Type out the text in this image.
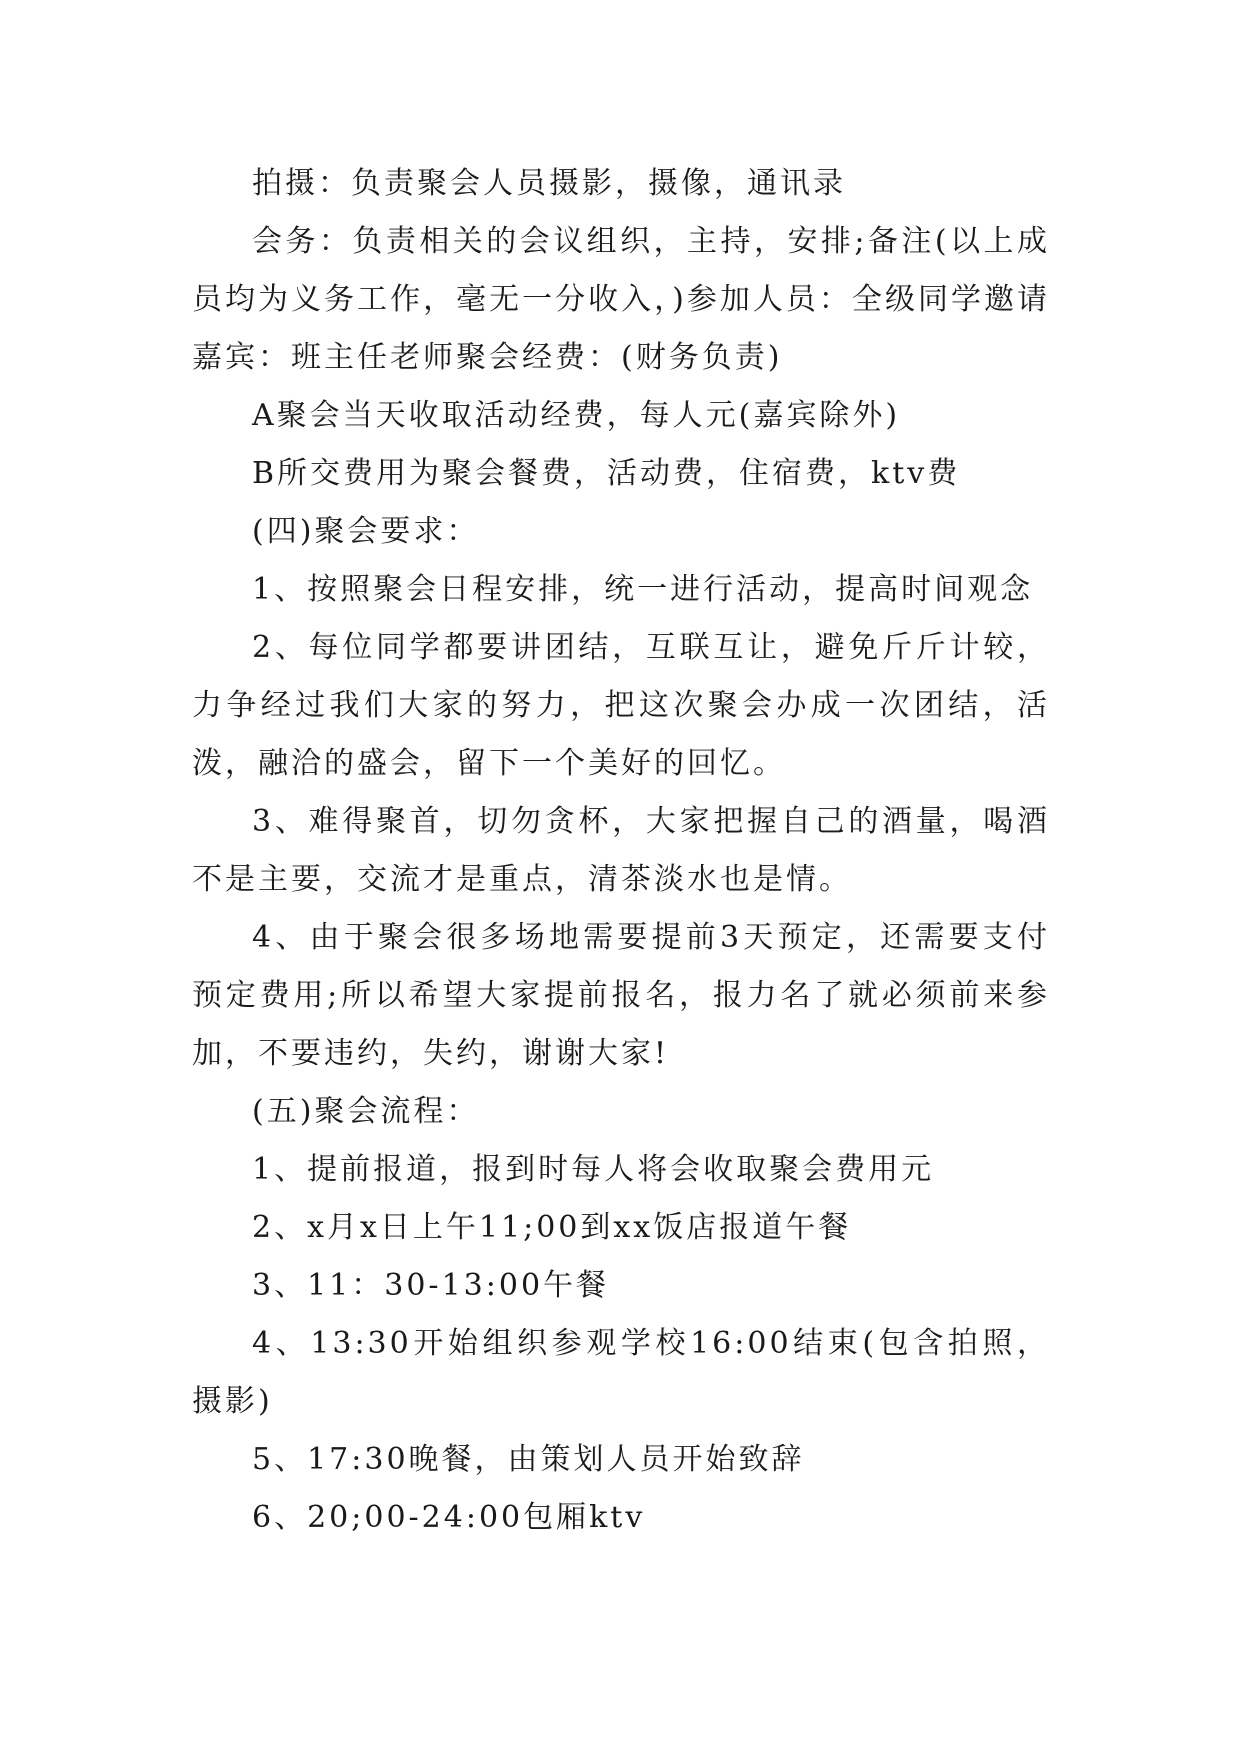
拍摄：负责聚会人员摄影，摄像，通讯录

会务：负责相关的会议组织，主持，安排;备注(以上成员均为义务工作，毫无一分收入，)参加人员：全级同学邀请嘉宾：班主任老师聚会经费：(财务负责)

A聚会当天收取活动经费，每人元(嘉宾除外)

B所交费用为聚会餐费，活动费，住宿费，ktv费

(四)聚会要求：

1、按照聚会日程安排，统一进行活动，提高时间观念

2、每位同学都要讲团结，互联互让，避免斤斤计较，力争经过我们大家的努力，把这次聚会办成一次团结，活泼，融洽的盛会，留下一个美好的回忆。

3、难得聚首，切勿贪杯，大家把握自己的酒量，喝酒不是主要，交流才是重点，清茶淡水也是情。

4、由于聚会很多场地需要提前3天预定，还需要支付预定费用;所以希望大家提前报名，报力名了就必须前来参加，不要违约，失约，谢谢大家!

(五)聚会流程：

1、提前报道，报到时每人将会收取聚会费用元

2、x月x日上午11;00到xx饭店报道午餐

3、11：30-13:00午餐

4、13:30开始组织参观学校16:00结束(包含拍照，摄影)

5、17:30晚餐，由策划人员开始致辞

6、20;00-24:00包厢ktv
